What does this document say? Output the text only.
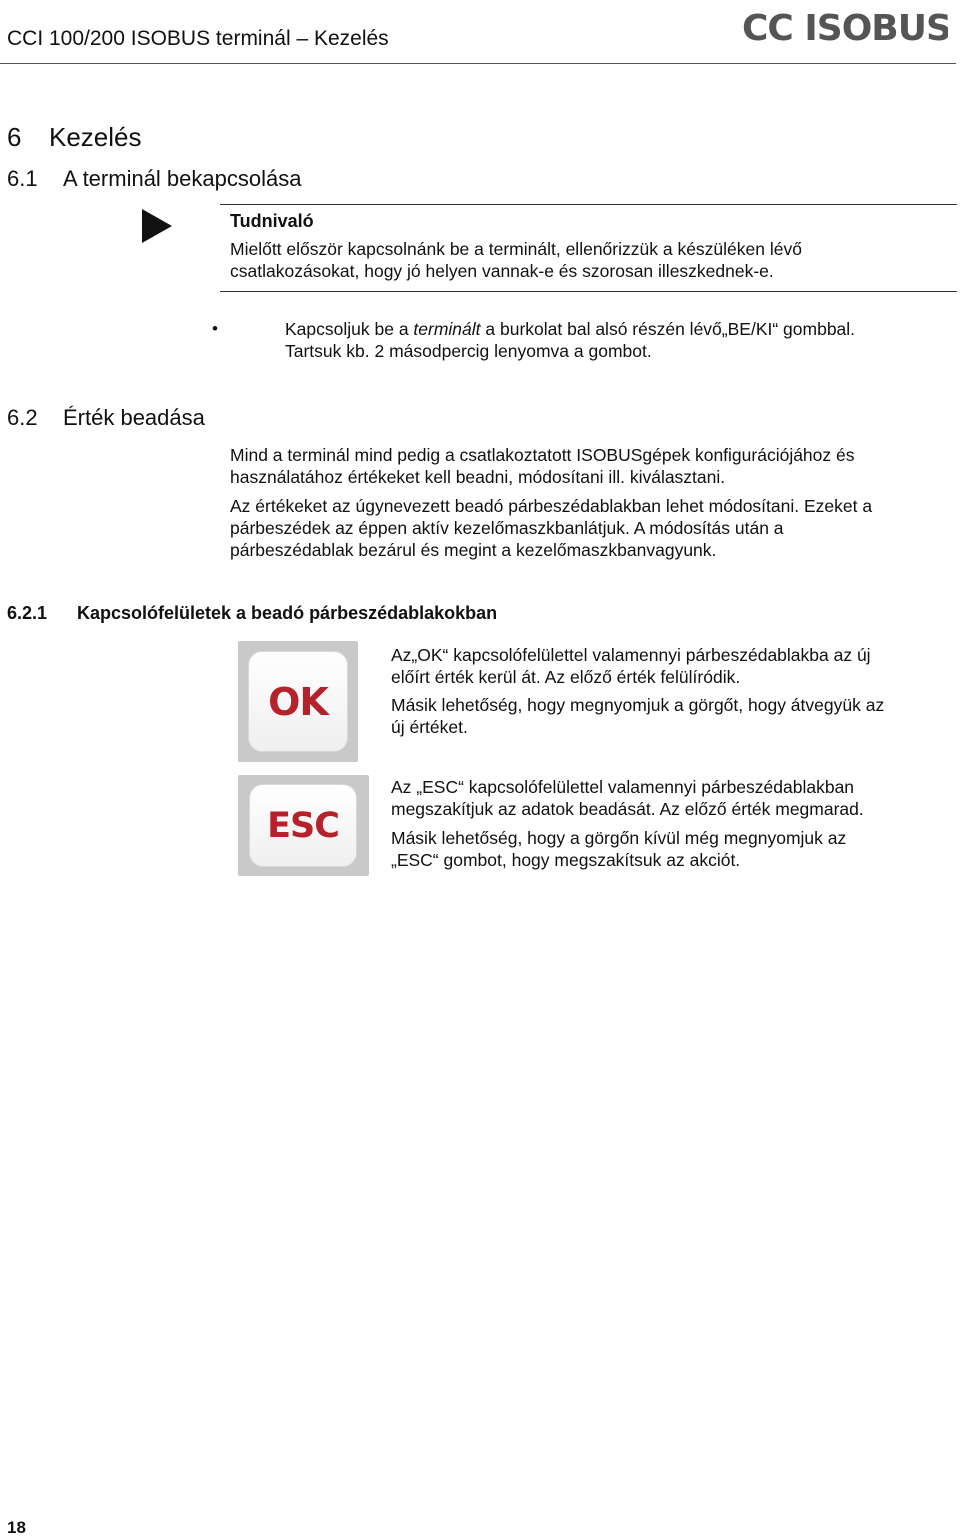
CCI 100/200 ISOBUS terminál – Kezelés	CC ISOBUS
6 Kezelés
6.1 A terminál bekapcsolása
Tudnivaló
Mielőtt először kapcsolnánk be a terminált, ellenőrizzük a készüléken lévő
csatlakozásokat, hogy jó helyen vannak-e és szorosan illeszkednek-e.
•	Kapcsoljuk be a terminált a burkolat bal alsó részén lévő„BE/KI“ gombbal.
Tartsuk kb. 2 másodpercig lenyomva a gombot.
6.2 Érték beadása
Mind a terminál mind pedig a csatlakoztatott ISOBUSgépek konfigurációjához és
használatához értékeket kell beadni, módosítani ill. kiválasztani.
Az értékeket az úgynevezett beadó párbeszédablakban lehet módosítani. Ezeket a
párbeszédek az éppen aktív kezelőmaszkbanlátjuk. A módosítás után a
párbeszédablak bezárul és megint a kezelőmaszkbanvagyunk.
6.2.1 Kapcsolófelületek a beadó párbeszédablakokban
OK
Az„OK“ kapcsolófelülettel valamennyi párbeszédablakba az új
előírt érték kerül át. Az előző érték felülíródik.
Másik lehetőség, hogy megnyomjuk a görgőt, hogy átvegyük az
új értéket.
ESC
Az „ESC“ kapcsolófelülettel valamennyi párbeszédablakban
megszakítjuk az adatok beadását. Az előző érték megmarad.
Másik lehetőség, hogy a görgőn kívül még megnyomjuk az
„ESC“ gombot, hogy megszakítsuk az akciót.
18
